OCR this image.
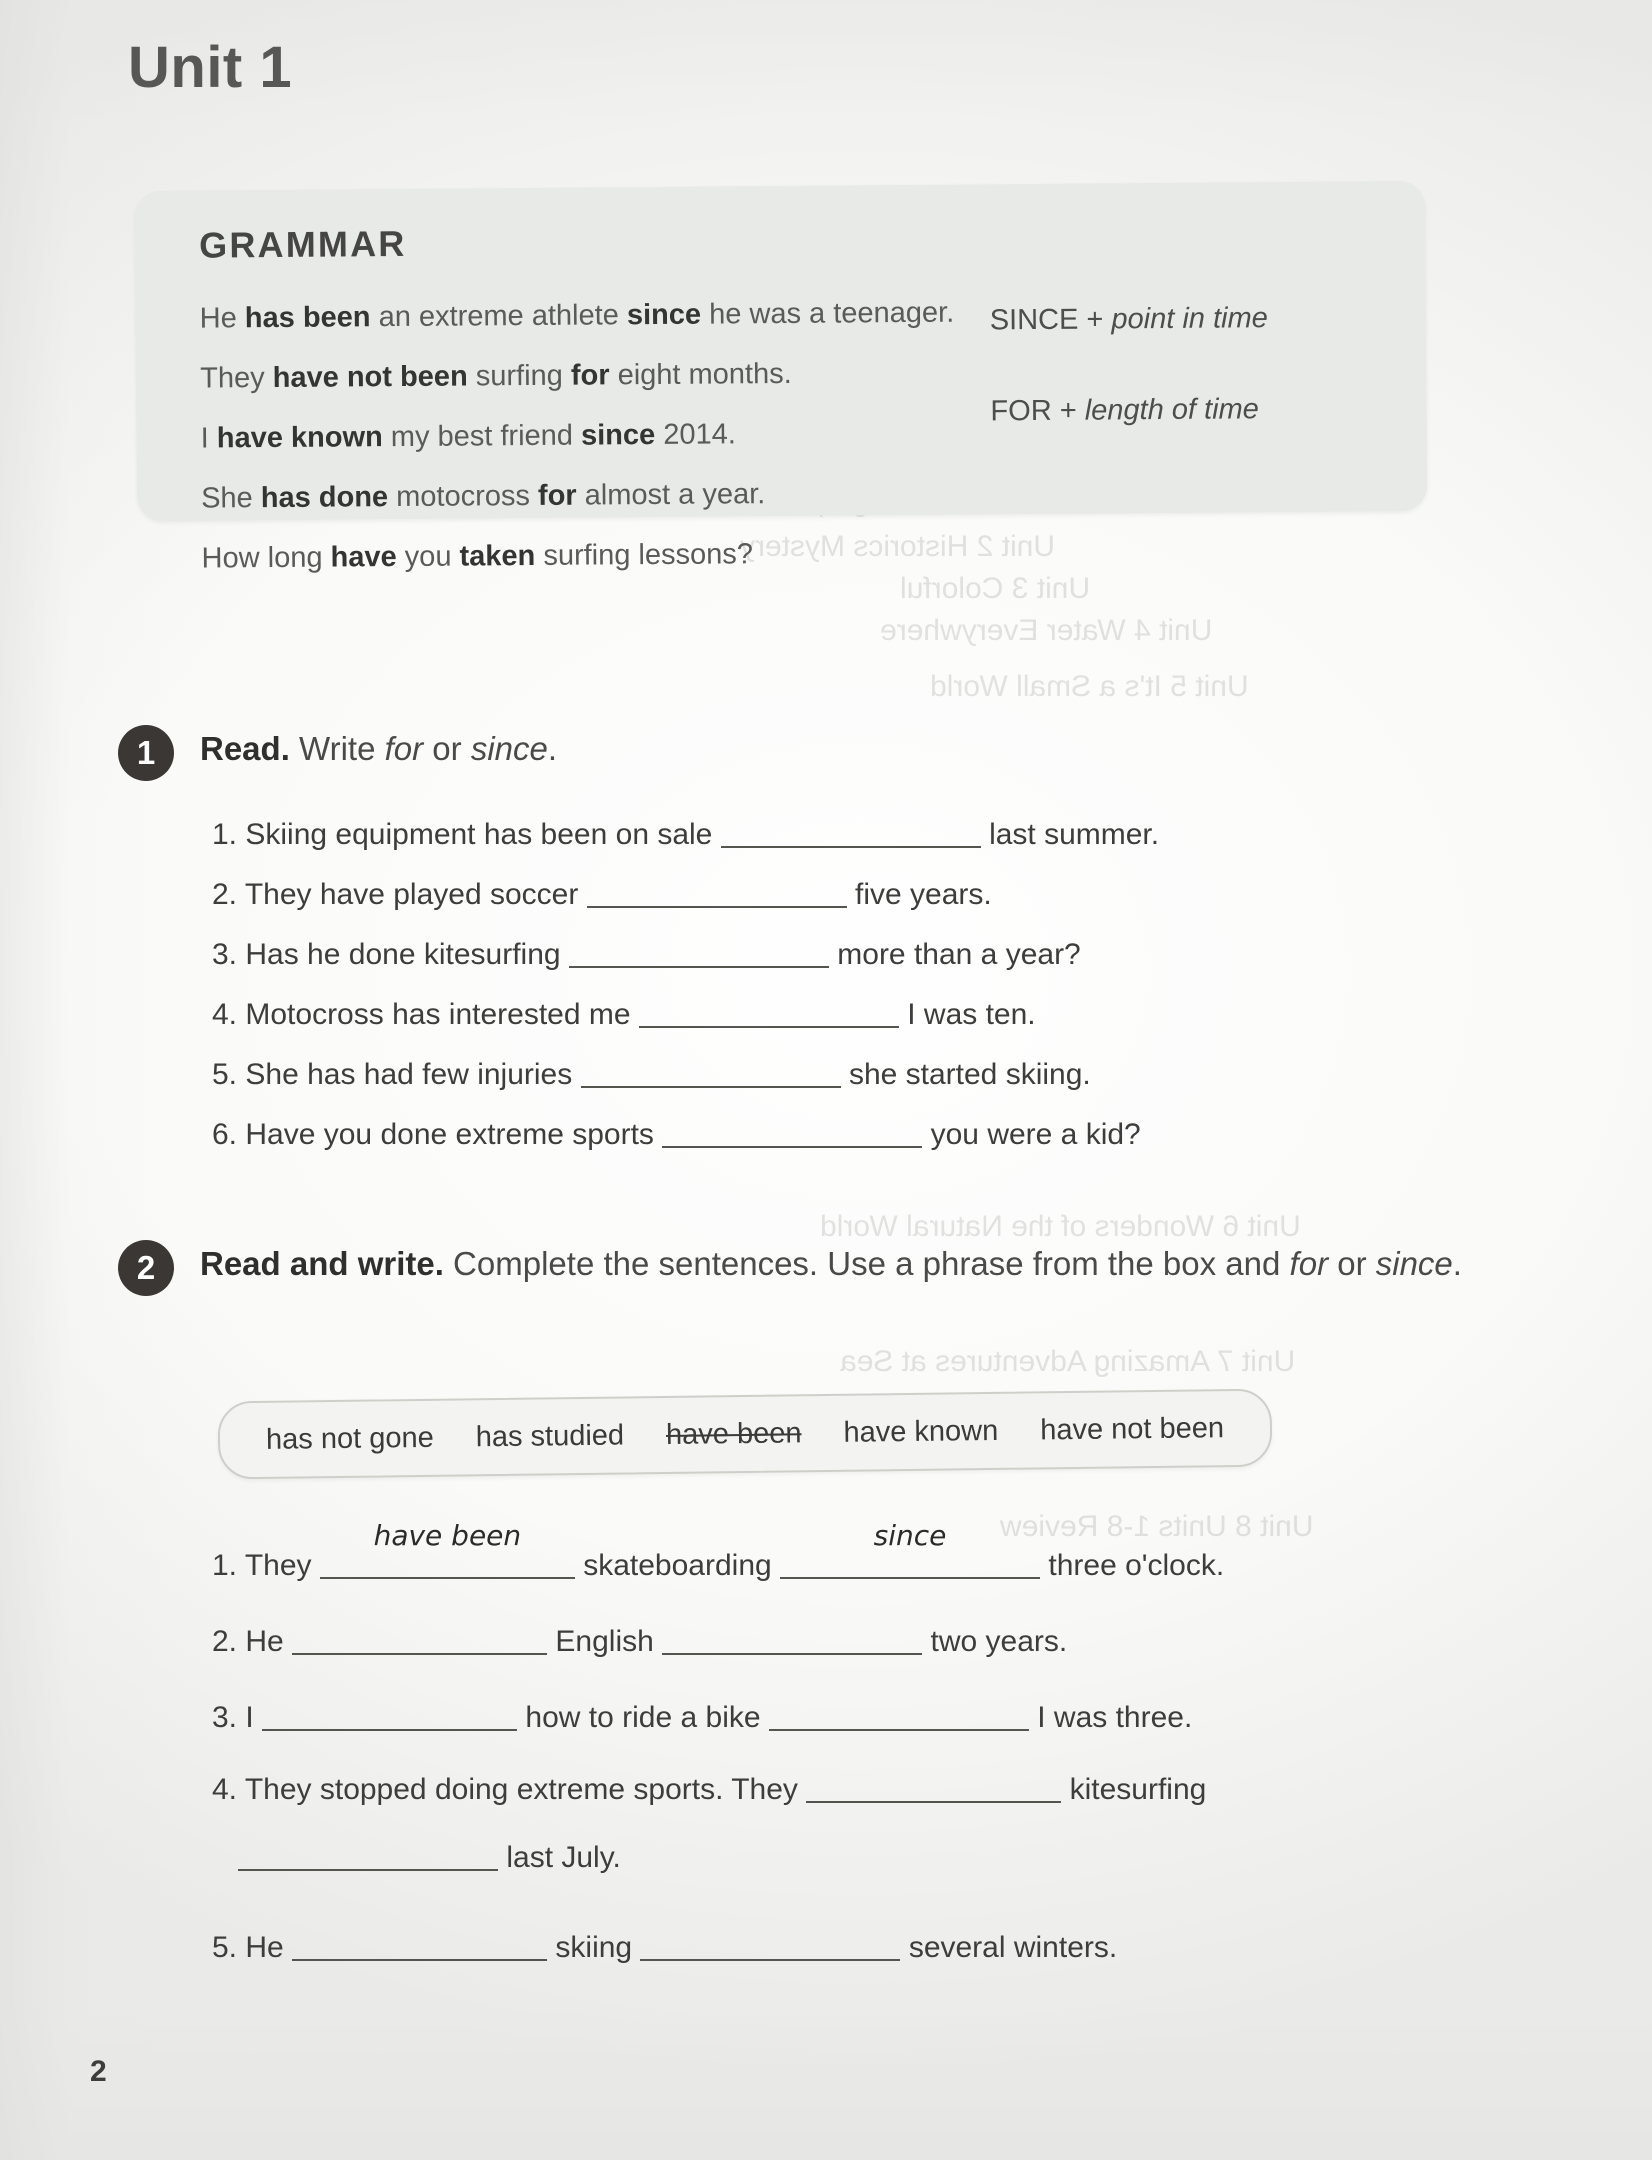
Unit 2 Historics Mystery
Unit 3 Colorful
Unit 4 Water Everywhere
Unit 5 It's a Small World
Unit 6 Wonders of the Natural World
Unit 7 Amazing Adventures at Sea
Unit 8 Units 1-8 Review
Unit 1
GRAMMAR

He has been an extreme athlete since he was a teenager.

They have not been surfing for eight months.

I have known my best friend since 2014.

She has done motocross for almost a year.

How long have you taken surfing lessons?

SINCE + point in time

FOR + length of time

1	Read. Write for or since.
1. Skiing equipment has been on sale	last summer.
2. They have played soccer	five years.
3. Has he done kitesurfing	more than a year?
4. Motocross has interested me	I was ten.
5. She has had few injuries	she started skiing.
6. Have you done extreme sports	you were a kid?
2	Read and write. Complete the sentences. Use a phrase from the box and for or since.
has not gone has studied have been have known have not been
1. They
have been
skateboarding
since
three o'clock.
2. He	English	two years.
3. I	how to ride a bike	I was three.
4. They stopped doing extreme sports. They	kitesurfing
last July.
5. He	skiing	several winters.
2
